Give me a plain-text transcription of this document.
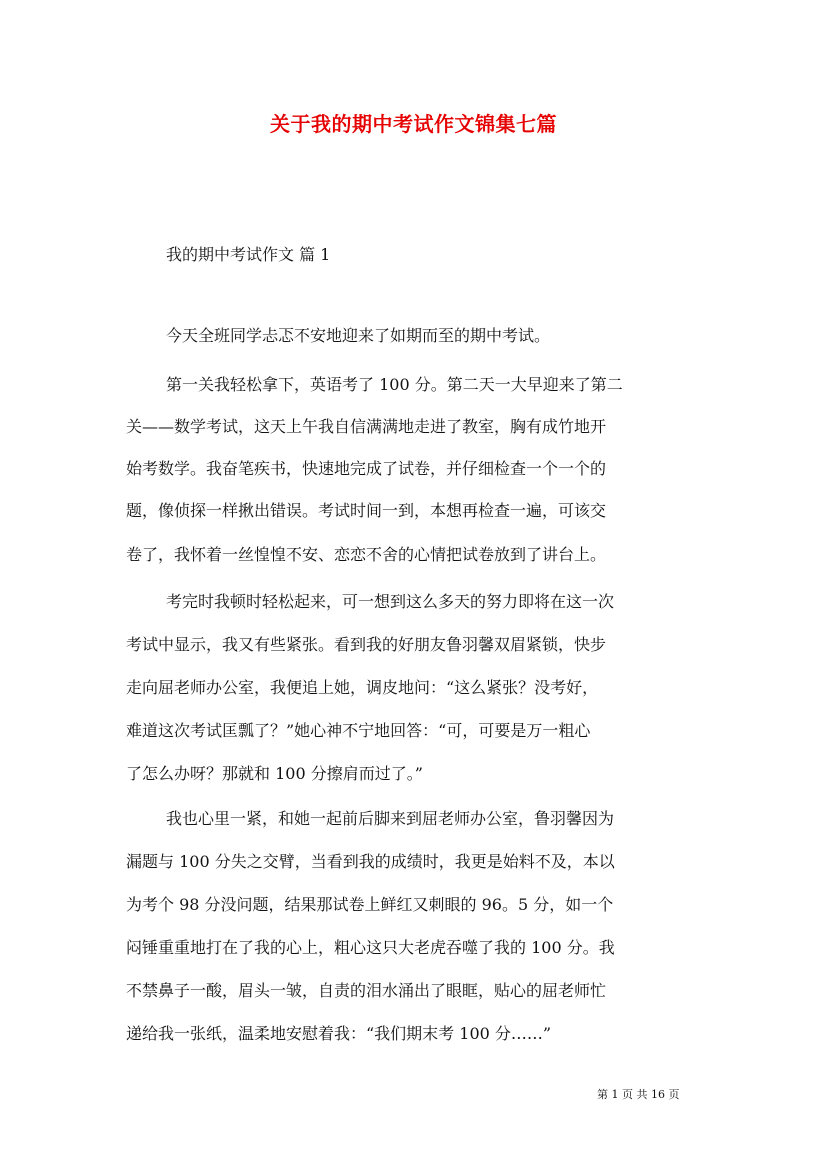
关于我的期中考试作文锦集七篇
我的期中考试作文 篇 1
今天全班同学忐忑不安地迎来了如期而至的期中考试。
第一关我轻松拿下，英语考了 100 分。第二天一大早迎来了第二
关——数学考试，这天上午我自信满满地走进了教室，胸有成竹地开
始考数学。我奋笔疾书，快速地完成了试卷，并仔细检查一个一个的
题，像侦探一样揪出错误。考试时间一到，本想再检查一遍，可该交
卷了，我怀着一丝惶惶不安、恋恋不舍的心情把试卷放到了讲台上。
考完时我顿时轻松起来，可一想到这么多天的努力即将在这一次
考试中显示，我又有些紧张。看到我的好朋友鲁羽馨双眉紧锁，快步
走向屈老师办公室，我便追上她，调皮地问：“这么紧张？没考好，
难道这次考试匡瓢了？”她心神不宁地回答：“可，可要是万一粗心
了怎么办呀？那就和 100 分擦肩而过了。”
我也心里一紧，和她一起前后脚来到屈老师办公室，鲁羽馨因为
漏题与 100 分失之交臂，当看到我的成绩时，我更是始料不及，本以
为考个 98 分没问题，结果那试卷上鲜红又刺眼的 96。5 分，如一个
闷锤重重地打在了我的心上，粗心这只大老虎吞噬了我的 100 分。我
不禁鼻子一酸，眉头一皱，自责的泪水涌出了眼眶，贴心的屈老师忙
递给我一张纸，温柔地安慰着我：“我们期末考 100 分……”
第 1 页 共 16 页
